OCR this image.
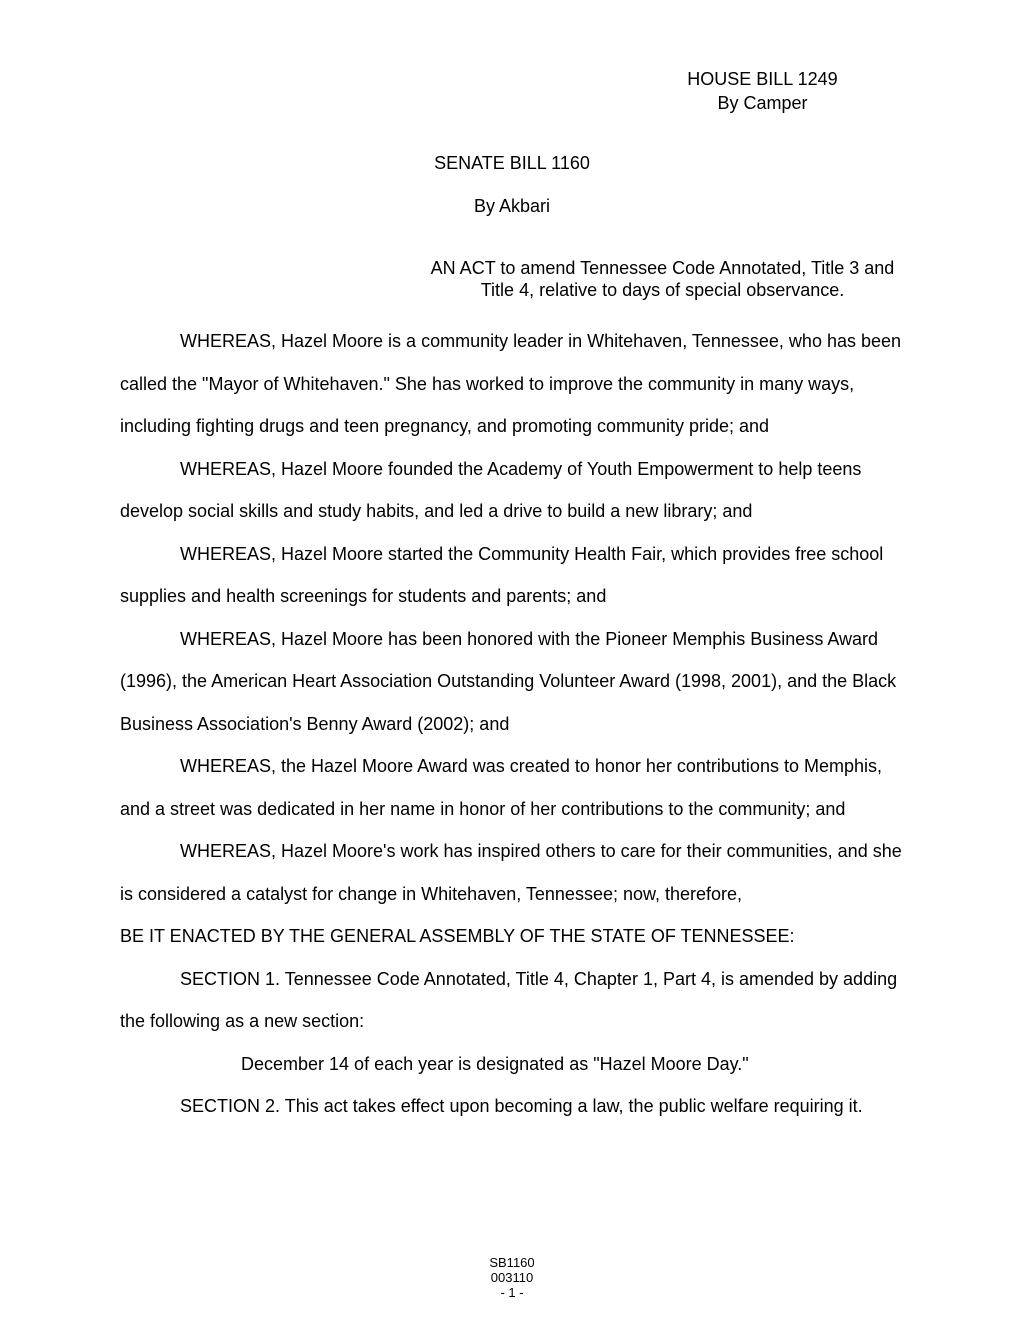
HOUSE BILL 1249
By Camper
SENATE BILL 1160
By Akbari
AN ACT to amend Tennessee Code Annotated, Title 3 and
Title 4, relative to days of special observance.

WHEREAS, Hazel Moore is a community leader in Whitehaven, Tennessee, who has been called the "Mayor of Whitehaven." She has worked to improve the community in many ways, including fighting drugs and teen pregnancy, and promoting community pride; and

WHEREAS, Hazel Moore founded the Academy of Youth Empowerment to help teens develop social skills and study habits, and led a drive to build a new library; and

WHEREAS, Hazel Moore started the Community Health Fair, which provides free school supplies and health screenings for students and parents; and

WHEREAS, Hazel Moore has been honored with the Pioneer Memphis Business Award (1996), the American Heart Association Outstanding Volunteer Award (1998, 2001), and the Black Business Association's Benny Award (2002); and

WHEREAS, the Hazel Moore Award was created to honor her contributions to Memphis, and a street was dedicated in her name in honor of her contributions to the community; and

WHEREAS, Hazel Moore's work has inspired others to care for their communities, and she is considered a catalyst for change in Whitehaven, Tennessee; now, therefore,

BE IT ENACTED BY THE GENERAL ASSEMBLY OF THE STATE OF TENNESSEE:

SECTION 1. Tennessee Code Annotated, Title 4, Chapter 1, Part 4, is amended by adding the following as a new section:

December 14 of each year is designated as "Hazel Moore Day."

SECTION 2. This act takes effect upon becoming a law, the public welfare requiring it.

SB1160
003110
- 1 -
